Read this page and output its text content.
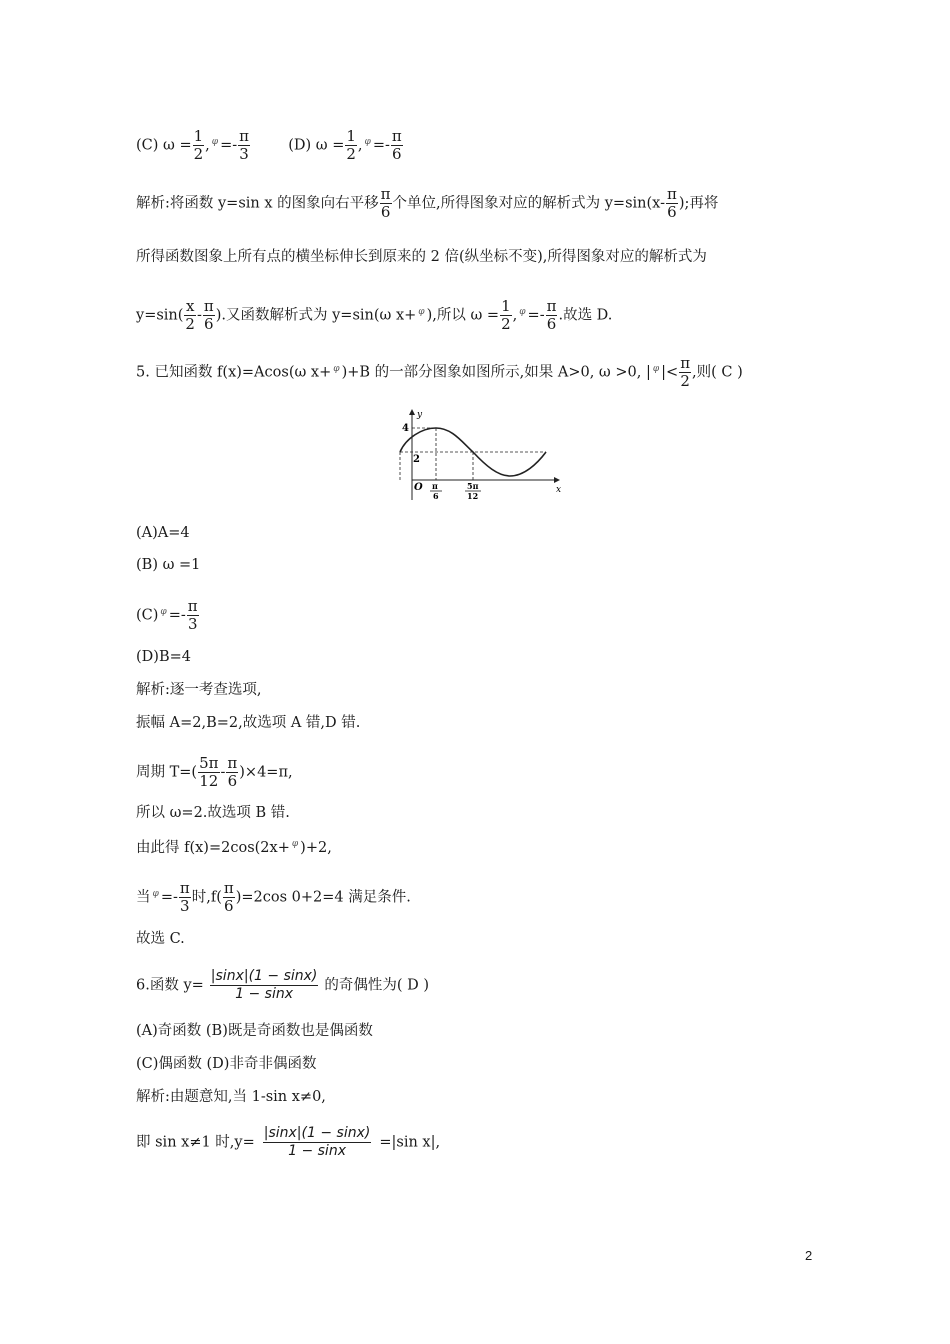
(C) $\omega = \frac{1}{2}$ , $^\varphi =- \frac{\pi}{3}$	(D) $\omega = \frac{1}{2}$ , $^\varphi =- \frac{\pi}{6}$
解析:将函数 y=sin x 的图象向右平移 $\frac{\pi}{6}$ 个单位,所得图象对应的解析式为 $y=\sin(x- \frac{\pi}{6}$ );再将
所得函数图象上所有点的横坐标伸长到原来的 2 倍(纵坐标不变),所得图象对应的解析式为
$y=\sin( \frac{x}{2} - \frac{\pi}{6}$ ).又函数解析式为 y=sin(ω x+ $^\varphi$ ),所以 $\omega = \frac{1}{2}$ , $^\varphi =- \frac{\pi}{6}$ .故选 D.
5. 已知函数 f(x)=Acos(ω x+ $^\varphi$ )+B 的一部分图象如图所示,如果 A>0, ω >0, | $^\varphi$ |< $\frac{\pi}{2}$ ,则( C )
y
x
4
2
O π
6
5π
12
(A)A=4
(B) ω =1
(C) $^\varphi =- \frac{\pi}{3}$
(D)B=4
解析:逐一考查选项,
振幅 A=2,B=2,故选项 A 错,D 错.
周期 $T=( \frac{5\pi}{12} - \frac{\pi}{6} )\times 4=\pi$,
所以 ω=2.故选项 B 错.
由此得 f(x)=2cos(2x+ $^\varphi$ )+2,
当 $^\varphi =- \frac{\pi}{3}$ 时$,f( \frac{\pi}{6} )=2\cos$ 0+2=4 满足条件.
故选 C.
6.函数 $y= \frac{|\sin x|(1 - \sin x)}{1 - \sin x}$ 的奇偶性为( D )
(A)奇函数 (B)既是奇函数也是偶函数
(C)偶函数 (D)非奇非偶函数
解析:由题意知,当 1-sin x≠0,
即 sin x≠1 时$,y= \frac{|\sin x|(1 - \sin x)}{1 - \sin x} =|\sin$ x|,
2
